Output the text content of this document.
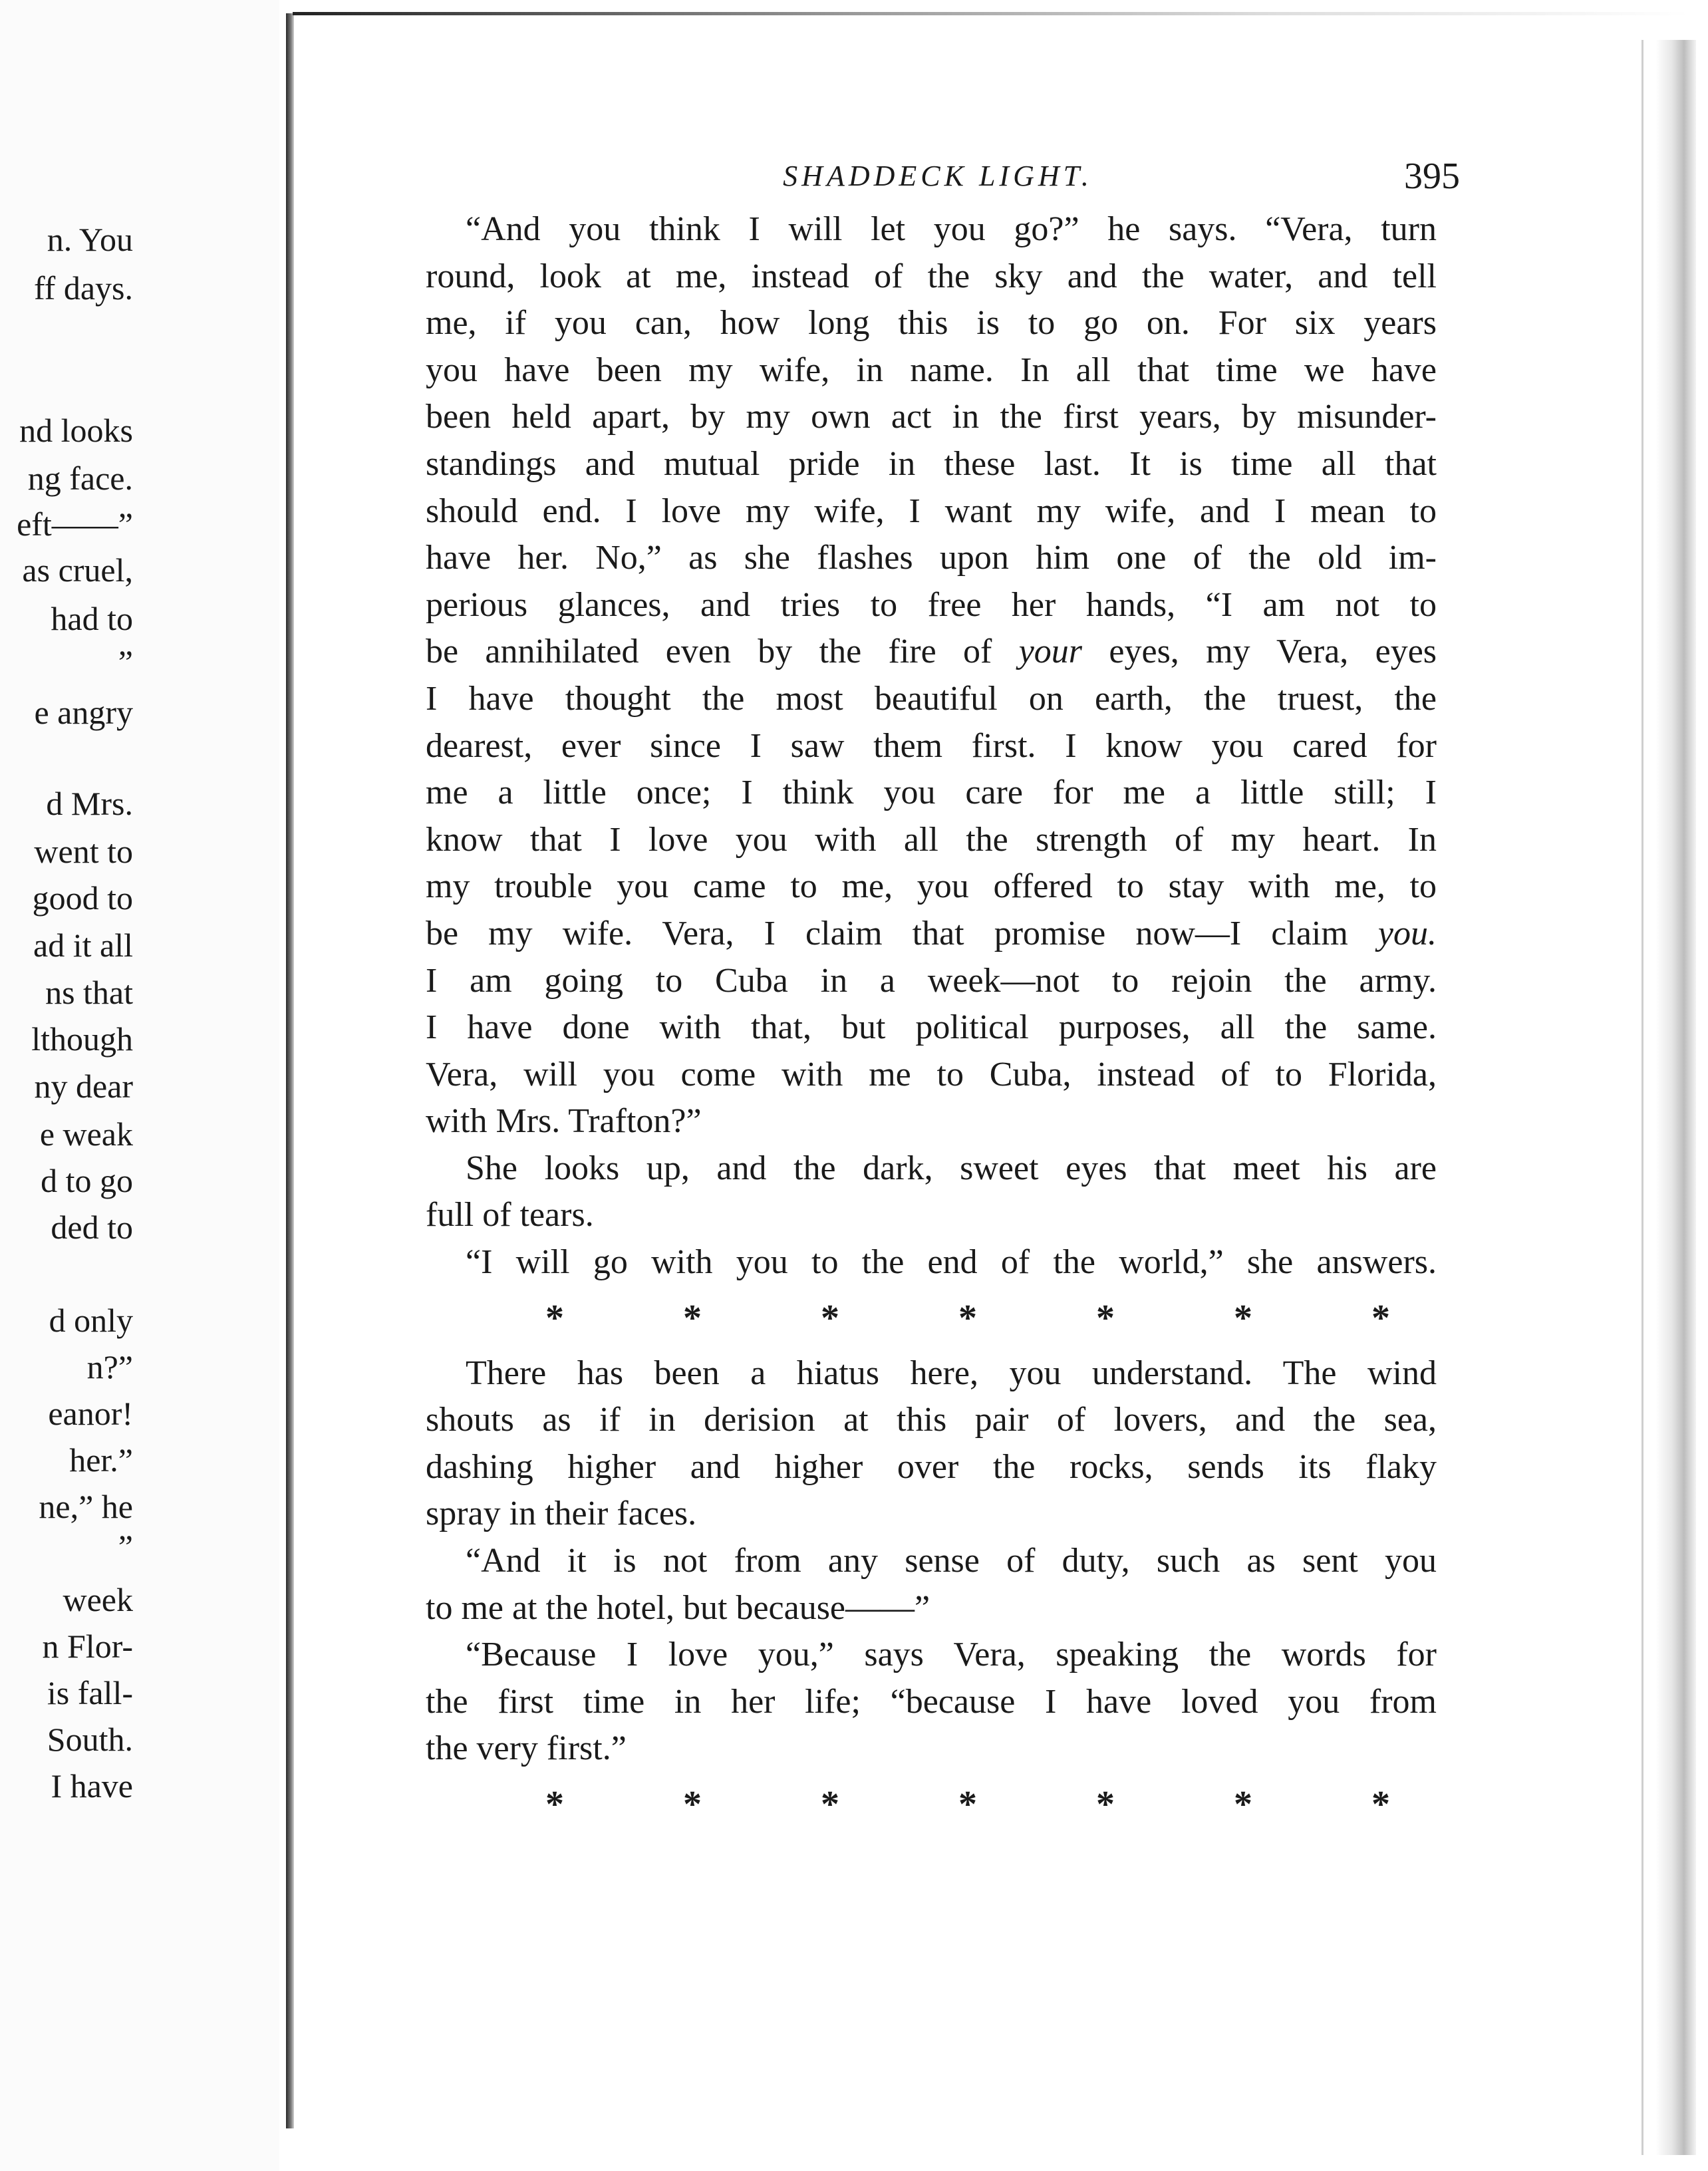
n. You
ff days.
nd looks
ng face.
eft——”
as cruel,
had to
”
e angry
d Mrs.
went to
good to
ad it all
ns that
lthough
ny dear
e weak
d to go
ded to
d only
n?”
eanor!
her.”
ne,” he
”
week
n Flor-
is fall-
South.
I have
SHADDECK LIGHT.	395
“And you think I will let you go?” he says. “Vera, turn
round, look at me, instead of the sky and the water, and tell
me, if you can, how long this is to go on. For six years
you have been my wife, in name. In all that time we have
been held apart, by my own act in the first years, by misunder-
standings and mutual pride in these last. It is time all that
should end. I love my wife, I want my wife, and I mean to
have her. No,” as she flashes upon him one of the old im-
perious glances, and tries to free her hands, “I am not to
be annihilated even by the fire of your eyes, my Vera, eyes
I have thought the most beautiful on earth, the truest, the
dearest, ever since I saw them first. I know you cared for
me a little once; I think you care for me a little still; I
know that I love you with all the strength of my heart. In
my trouble you came to me, you offered to stay with me, to
be my wife. Vera, I claim that promise now—I claim you.
I am going to Cuba in a week—not to rejoin the army.
I have done with that, but political purposes, all the same.
Vera, will you come with me to Cuba, instead of to Florida,
with Mrs. Trafton?”
She looks up, and the dark, sweet eyes that meet his are
full of tears.
“I will go with you to the end of the world,” she answers.
*	*	*	*	*	*	*
There has been a hiatus here, you understand. The wind
shouts as if in derision at this pair of lovers, and the sea,
dashing higher and higher over the rocks, sends its flaky
spray in their faces.
“And it is not from any sense of duty, such as sent you
to me at the hotel, but because——”
“Because I love you,” says Vera, speaking the words for
the first time in her life; “because I have loved you from
the very first.”
*	*	*	*	*	*	*
